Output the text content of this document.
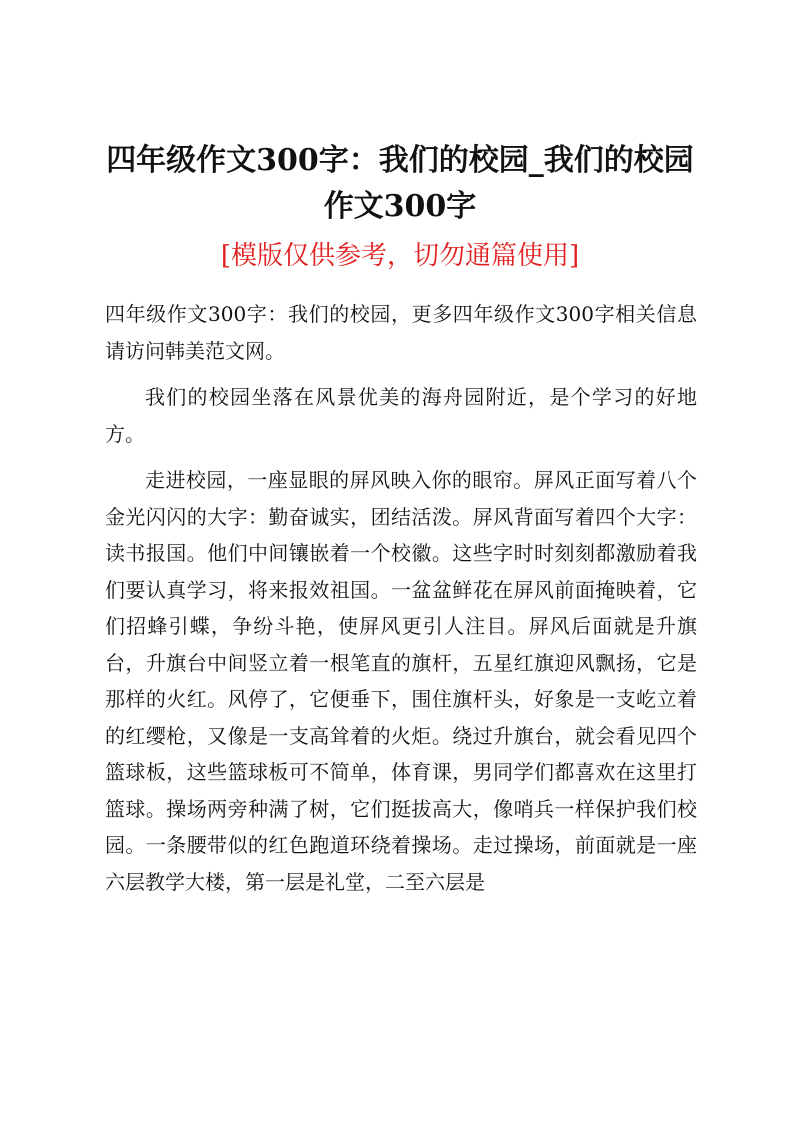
四年级作文300字：我们的校园_我们的校园作文300字

[模版仅供参考，切勿通篇使用]

四年级作文300字：我们的校园，更多四年级作文300字相关信息请访问韩美范文网。

我们的校园坐落在风景优美的海舟园附近，是个学习的好地方。

走进校园，一座显眼的屏风映入你的眼帘。屏风正面写着八个金光闪闪的大字：勤奋诚实，团结活泼。屏风背面写着四个大字：读书报国。他们中间镶嵌着一个校徽。这些字时时刻刻都激励着我们要认真学习，将来报效祖国。一盆盆鲜花在屏风前面掩映着，它们招蜂引蝶，争纷斗艳，使屏风更引人注目。屏风后面就是升旗台，升旗台中间竖立着一根笔直的旗杆，五星红旗迎风飘扬，它是那样的火红。风停了，它便垂下，围住旗杆头，好象是一支屹立着的红缨枪，又像是一支高耸着的火炬。绕过升旗台，就会看见四个篮球板，这些篮球板可不简单，体育课，男同学们都喜欢在这里打篮球。操场两旁种满了树，它们挺拔高大，像哨兵一样保护我们校园。一条腰带似的红色跑道环绕着操场。走过操场，前面就是一座六层教学大楼，第一层是礼堂，二至六层是
